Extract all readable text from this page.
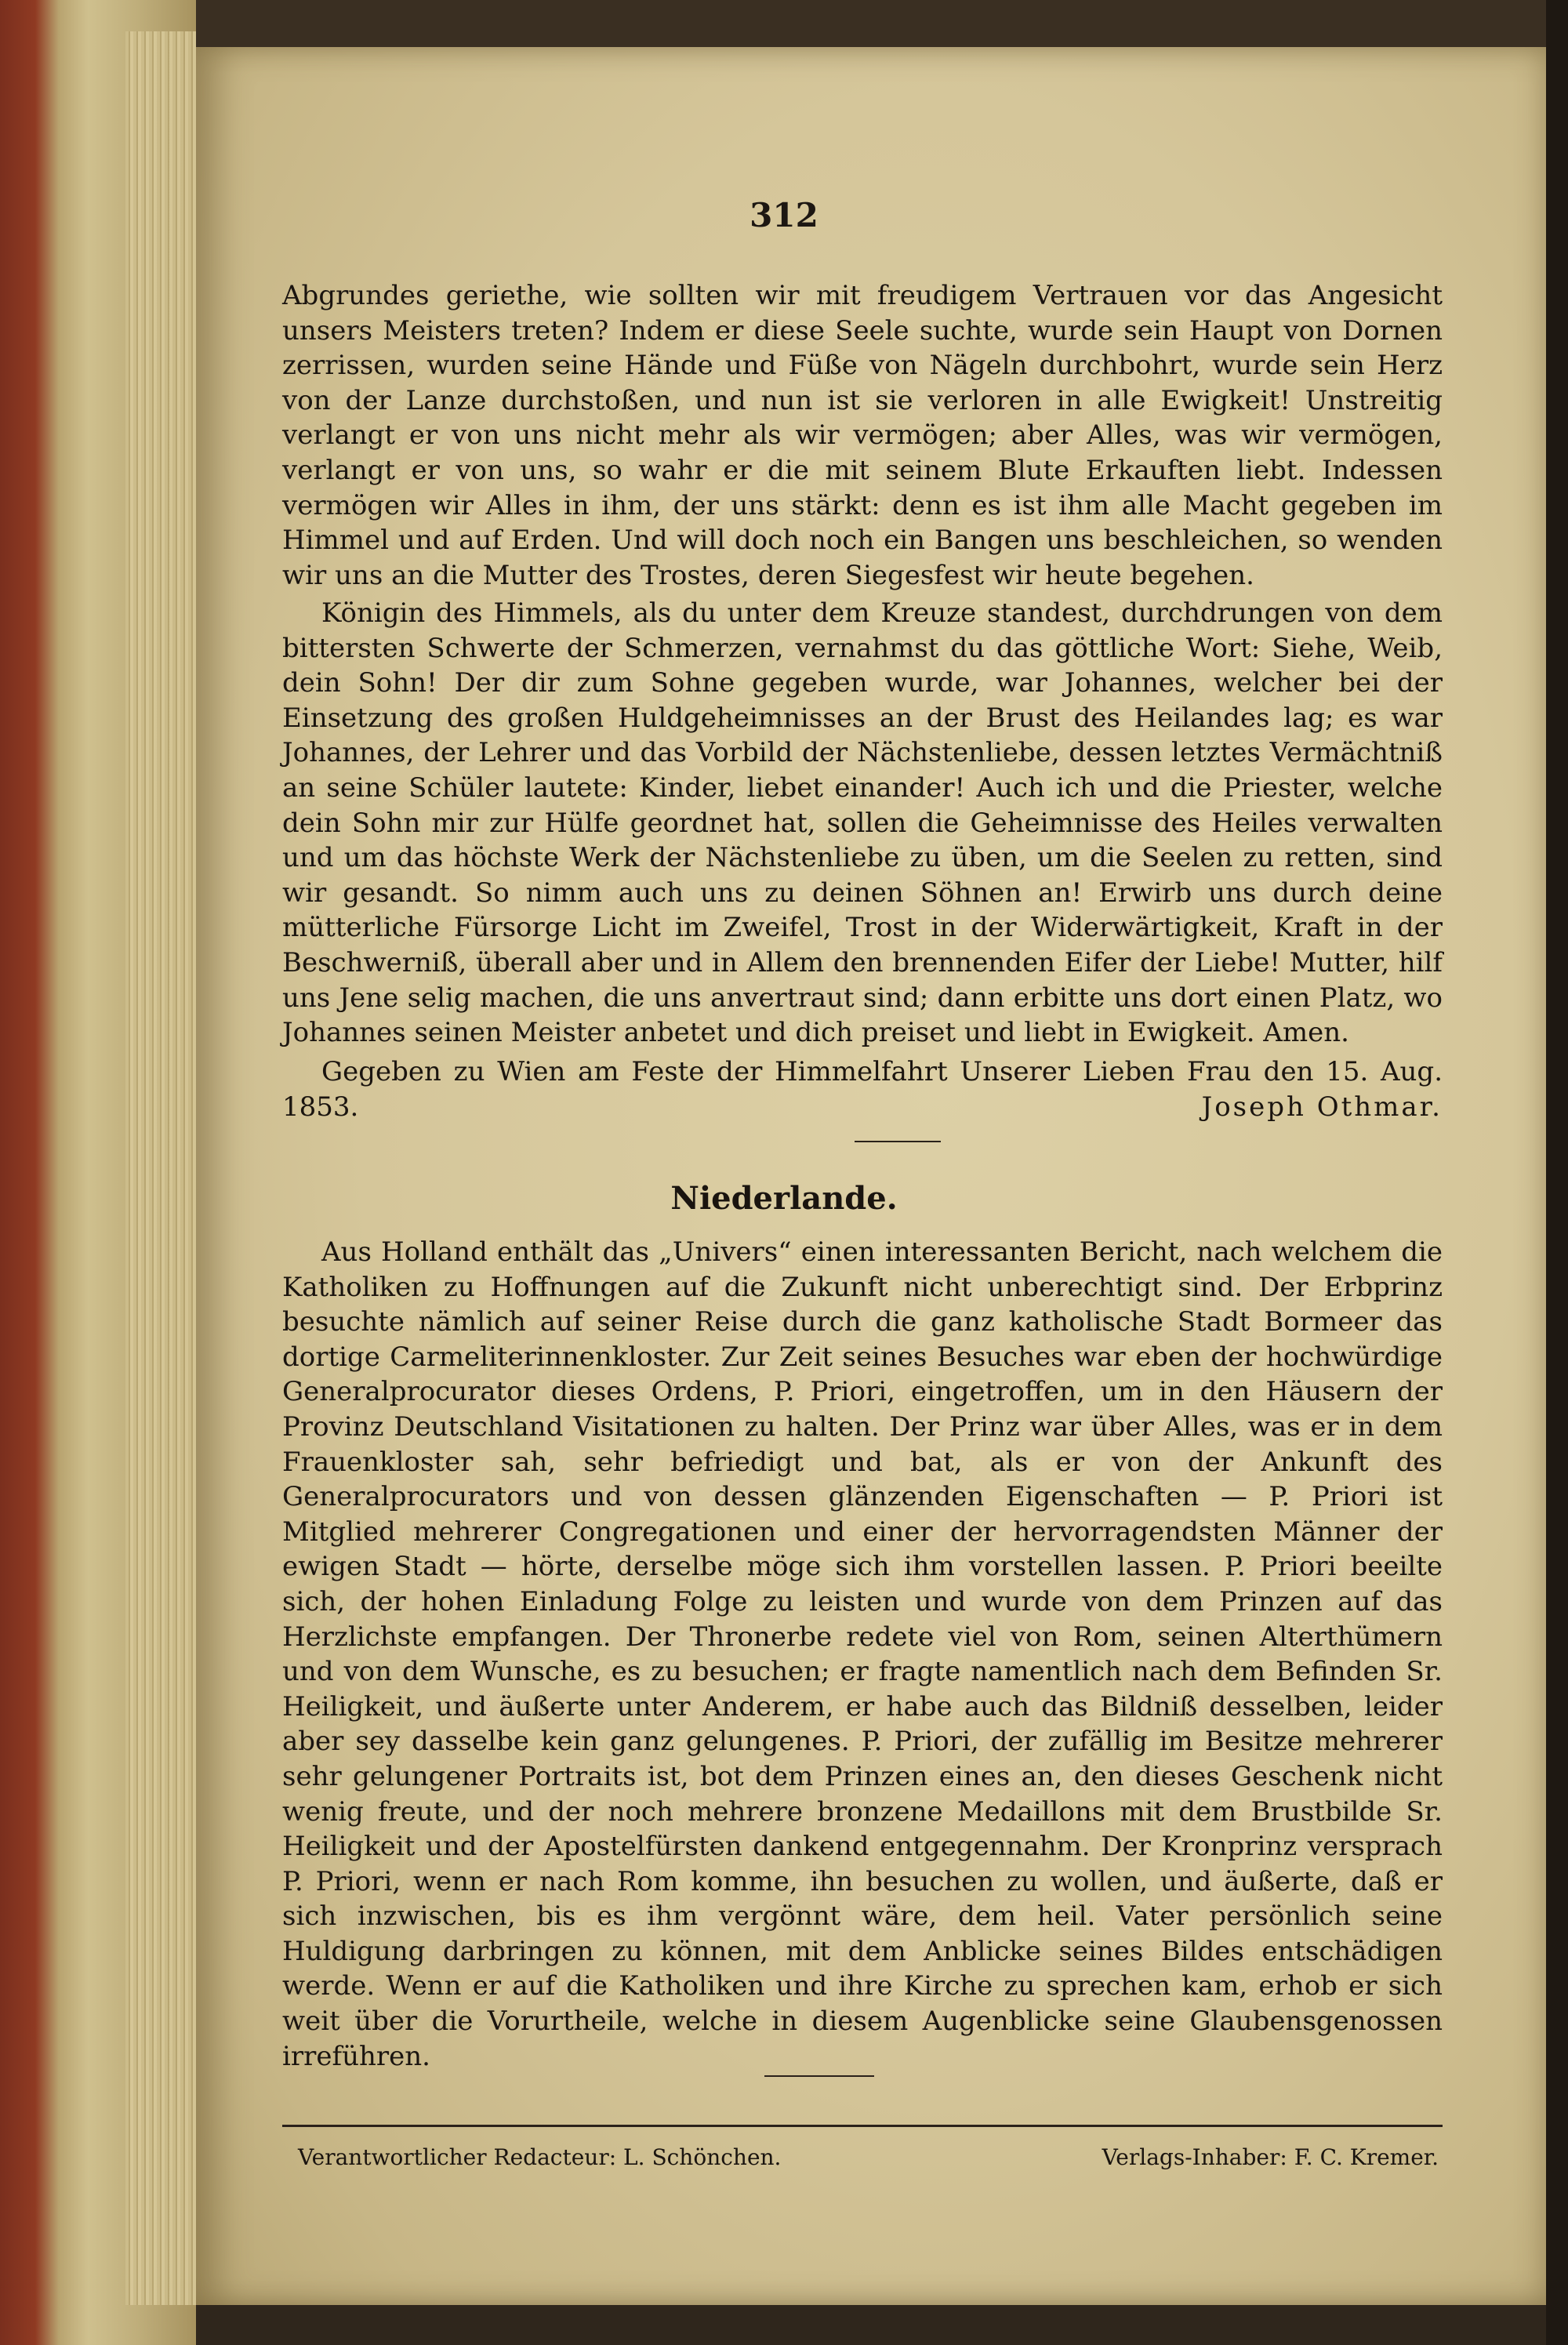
312
Abgrundes geriethe, wie sollten wir mit freudigem Vertrauen vor das Angesicht unsers Meisters treten? Indem er diese Seele suchte, wurde sein Haupt von Dornen zerrissen, wurden seine Hände und Füße von Nägeln durchbohrt, wurde sein Herz von der Lanze durchstoßen, und nun ist sie verloren in alle Ewigkeit! Unstreitig verlangt er von uns nicht mehr als wir vermögen; aber Alles, was wir vermögen, verlangt er von uns, so wahr er die mit seinem Blute Erkauften liebt. Indessen vermögen wir Alles in ihm, der uns stärkt: denn es ist ihm alle Macht gegeben im Himmel und auf Erden. Und will doch noch ein Bangen uns beschleichen, so wenden wir uns an die Mutter des Trostes, deren Siegesfest wir heute begehen.
Königin des Himmels, als du unter dem Kreuze standest, durchdrungen von dem bittersten Schwerte der Schmerzen, vernahmst du das göttliche Wort: Siehe, Weib, dein Sohn! Der dir zum Sohne gegeben wurde, war Johannes, welcher bei der Einsetzung des großen Huldgeheimnisses an der Brust des Heilandes lag; es war Johannes, der Lehrer und das Vorbild der Nächstenliebe, dessen letztes Vermächtniß an seine Schüler lautete: Kinder, liebet einander! Auch ich und die Priester, welche dein Sohn mir zur Hülfe geordnet hat, sollen die Geheimnisse des Heiles verwalten und um das höchste Werk der Nächstenliebe zu üben, um die Seelen zu retten, sind wir gesandt. So nimm auch uns zu deinen Söhnen an! Erwirb uns durch deine mütterliche Fürsorge Licht im Zweifel, Trost in der Widerwärtigkeit, Kraft in der Beschwerniß, überall aber und in Allem den brennenden Eifer der Liebe! Mutter, hilf uns Jene selig machen, die uns anvertraut sind; dann erbitte uns dort einen Platz, wo Johannes seinen Meister anbetet und dich preiset und liebt in Ewigkeit. Amen.
Gegeben zu Wien am Feste der Himmelfahrt Unserer Lieben Frau den 15. Aug. 1853.	Joseph Othmar.
Niederlande.
Aus Holland enthält das „Univers“ einen interessanten Bericht, nach welchem die Katholiken zu Hoffnungen auf die Zukunft nicht unberechtigt sind. Der Erbprinz besuchte nämlich auf seiner Reise durch die ganz katholische Stadt Bormeer das dortige Carmeliterinnenkloster. Zur Zeit seines Besuches war eben der hochwürdige Generalprocurator dieses Ordens, P. Priori, eingetroffen, um in den Häusern der Provinz Deutschland Visitationen zu halten. Der Prinz war über Alles, was er in dem Frauenkloster sah, sehr befriedigt und bat, als er von der Ankunft des Generalprocurators und von dessen glänzenden Eigenschaften — P. Priori ist Mitglied mehrerer Congregationen und einer der hervorragendsten Männer der ewigen Stadt — hörte, derselbe möge sich ihm vorstellen lassen. P. Priori beeilte sich, der hohen Einladung Folge zu leisten und wurde von dem Prinzen auf das Herzlichste empfangen. Der Thronerbe redete viel von Rom, seinen Alterthümern und von dem Wunsche, es zu besuchen; er fragte namentlich nach dem Befinden Sr. Heiligkeit, und äußerte unter Anderem, er habe auch das Bildniß desselben, leider aber sey dasselbe kein ganz gelungenes. P. Priori, der zufällig im Besitze mehrerer sehr gelungener Portraits ist, bot dem Prinzen eines an, den dieses Geschenk nicht wenig freute, und der noch mehrere bronzene Medaillons mit dem Brustbilde Sr. Heiligkeit und der Apostelfürsten dankend entgegennahm. Der Kronprinz versprach P. Priori, wenn er nach Rom komme, ihn besuchen zu wollen, und äußerte, daß er sich inzwischen, bis es ihm vergönnt wäre, dem heil. Vater persönlich seine Huldigung darbringen zu können, mit dem Anblicke seines Bildes entschädigen werde. Wenn er auf die Katholiken und ihre Kirche zu sprechen kam, erhob er sich weit über die Vorurtheile, welche in diesem Augenblicke seine Glaubensgenossen irreführen.
Verantwortlicher Redacteur: L. Schönchen.	Verlags-Inhaber: F. C. Kremer.
